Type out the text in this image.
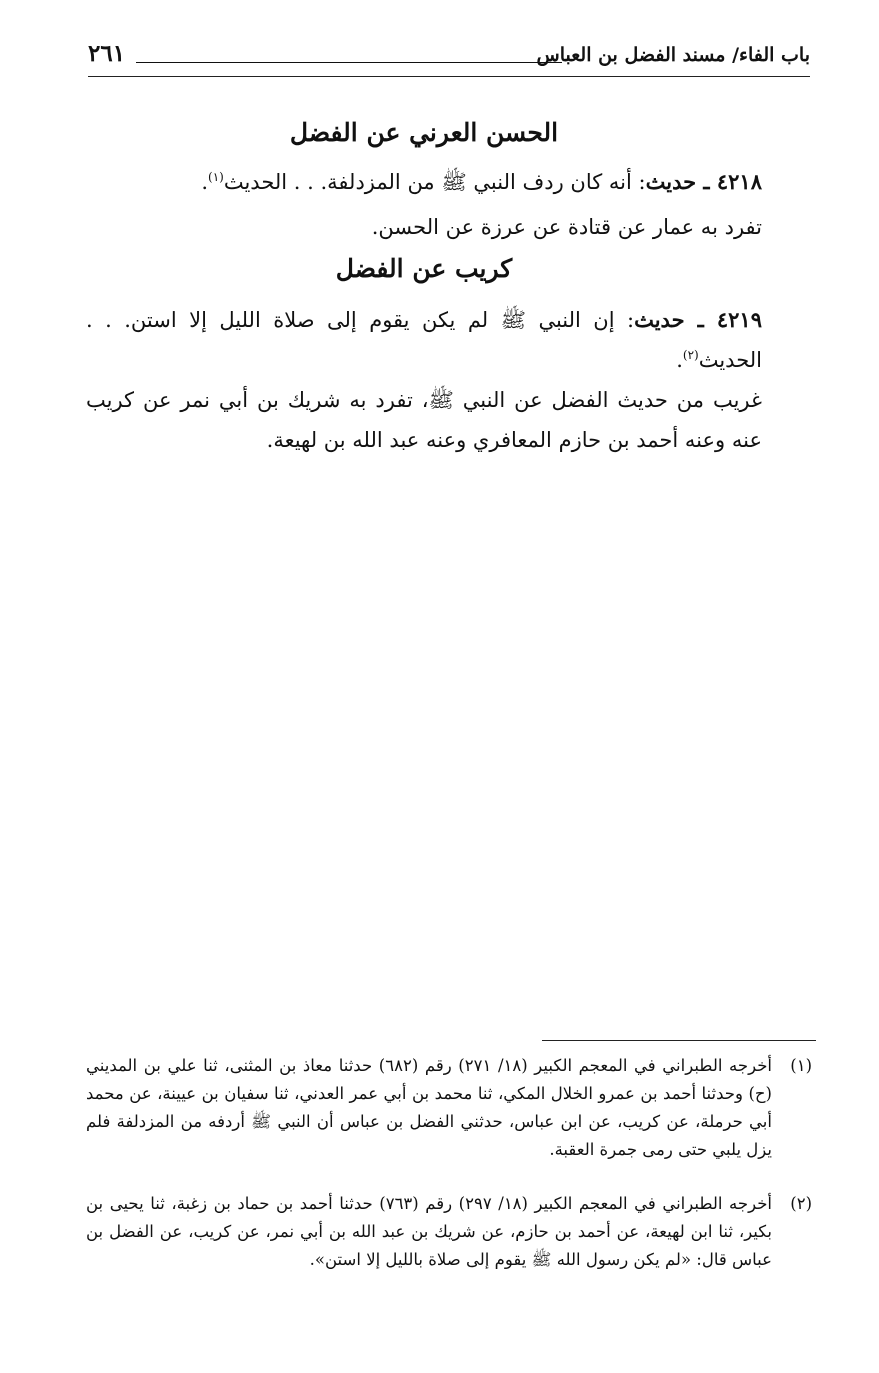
باب الفاء/ مسند الفضل بن العباس
٢٦١
الحسن العرني عن الفضل
٤٢١٨ ـ حديث: أنه كان ردف النبي ﷺ من المزدلفة. . . الحديث$^{(١)}$.
تفرد به عمار عن قتادة عن عرزة عن الحسن.
كريب عن الفضل
٤٢١٩ ـ حديث: إن النبي ﷺ لم يكن يقوم إلى صلاة الليل إلا استن. . . الحديث$^{(٢)}$.
غريب من حديث الفضل عن النبي ﷺ، تفرد به شريك بن أبي نمر عن كريب عنه وعنه أحمد بن حازم المعافري وعنه عبد الله بن لهيعة.
(١)
أخرجه الطبراني في المعجم الكبير (١٨/ ٢٧١) رقم (٦٨٢) حدثنا معاذ بن المثنى، ثنا علي بن المديني (ح) وحدثنا أحمد بن عمرو الخلال المكي، ثنا محمد بن أبي عمر العدني، ثنا سفيان بن عيينة، عن محمد أبي حرملة، عن كريب، عن ابن عباس، حدثني الفضل بن عباس أن النبي ﷺ أردفه من المزدلفة فلم يزل يلبي حتى رمى جمرة العقبة.
(٢)
أخرجه الطبراني في المعجم الكبير (١٨/ ٢٩٧) رقم (٧٦٣) حدثنا أحمد بن حماد بن زغبة، ثنا يحيى بن بكير، ثنا ابن لهيعة، عن أحمد بن حازم، عن شريك بن عبد الله بن أبي نمر، عن كريب، عن الفضل بن عباس قال: «لم يكن رسول الله ﷺ يقوم إلى صلاة بالليل إلا استن».
